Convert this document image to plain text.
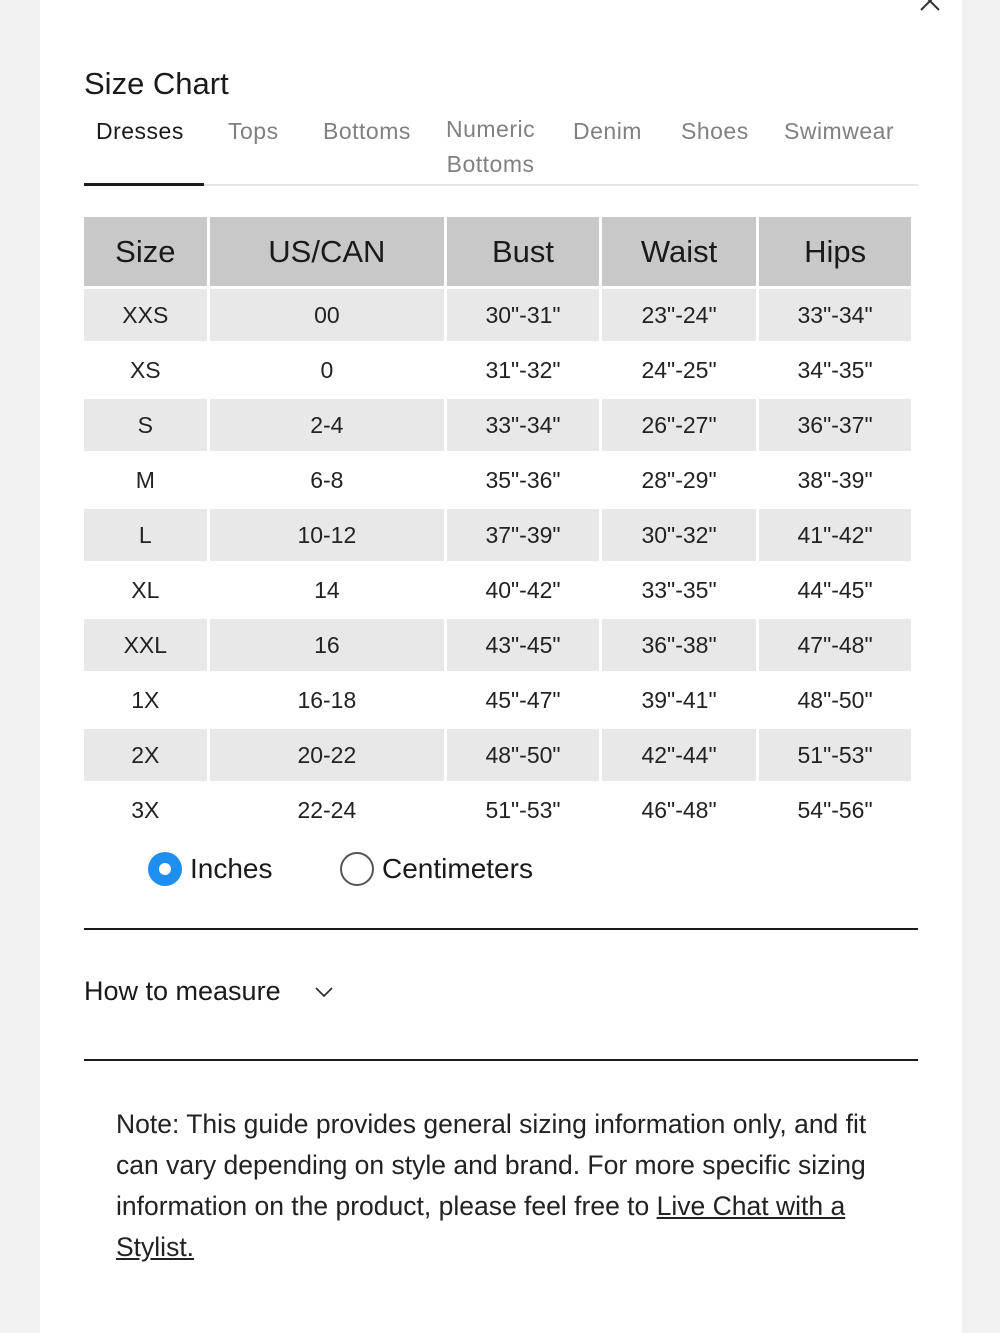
Size Chart
Dresses Tops Bottoms Numeric
Bottoms
Denim Shoes Swimwear
Size	US/CAN	Bust	Waist	Hips
XXS	00	30"-31"	23"-24"	33"-34"
XS	0	31"-32"	24"-25"	34"-35"
S	2-4	33"-34"	26"-27"	36"-37"
M	6-8	35"-36"	28"-29"	38"-39"
L	10-12	37"-39"	30"-32"	41"-42"
XL	14	40"-42"	33"-35"	44"-45"
XXL	16	43"-45"	36"-38"	47"-48"
1X	16-18	45"-47"	39"-41"	48"-50"
2X	20-22	48"-50"	42"-44"	51"-53"
3X	22-24	51"-53"	46"-48"	54"-56"
Inches	Centimeters
How to measure

Note: This guide provides general sizing information only, and fit can vary depending on style and brand. For more specific sizing information on the product, please feel free to Live Chat with a Stylist.
